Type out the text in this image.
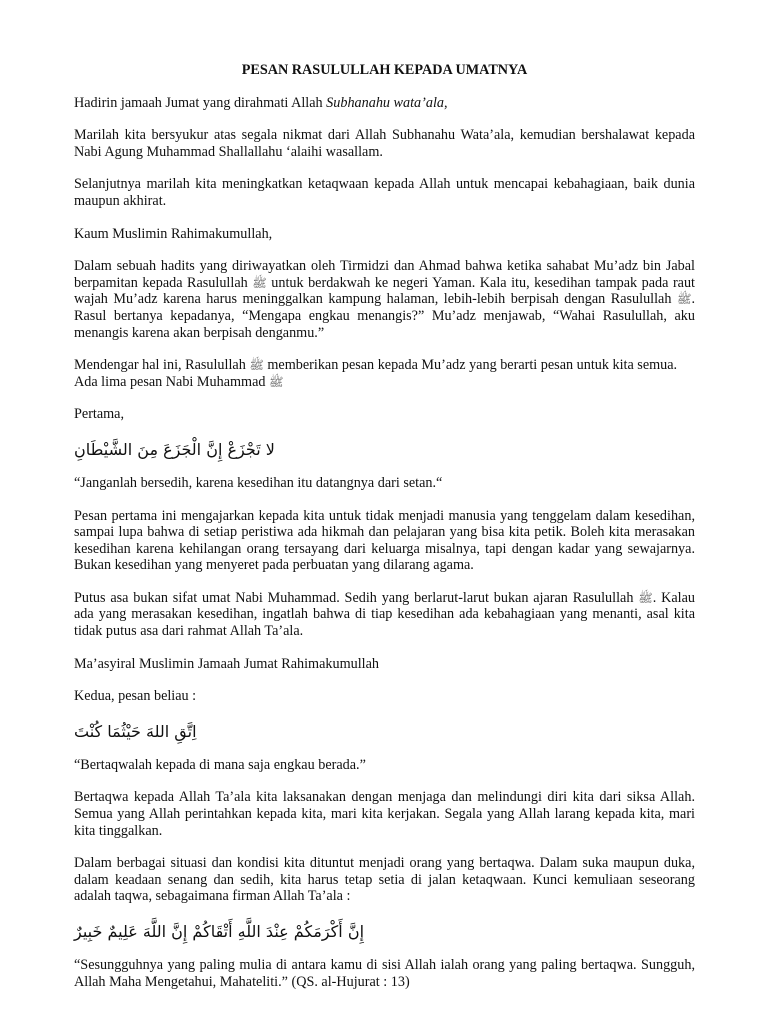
PESAN RASULULLAH KEPADA UMATNYA

Hadirin jamaah Jumat yang dirahmati Allah Subhanahu wata’ala,

Marilah kita bersyukur atas segala nikmat dari Allah Subhanahu Wata’ala, kemudian bershalawat kepada Nabi Agung Muhammad Shallallahu ‘alaihi wasallam.

Selanjutnya marilah kita meningkatkan ketaqwaan kepada Allah untuk mencapai kebahagiaan, baik dunia maupun akhirat.

Kaum Muslimin Rahimakumullah,

Dalam sebuah hadits yang diriwayatkan oleh Tirmidzi dan Ahmad bahwa ketika sahabat Mu’adz bin Jabal berpamitan kepada Rasulullah ﷺ untuk berdakwah ke negeri Yaman. Kala itu, kesedihan tampak pada raut wajah Mu’adz karena harus meninggalkan kampung halaman, lebih-lebih berpisah dengan Rasulullah ﷺ. Rasul bertanya kepadanya, “Mengapa engkau menangis?” Mu’adz menjawab, “Wahai Rasulullah, aku menangis karena akan berpisah denganmu.”

Mendengar hal ini, Rasulullah ﷺ memberikan pesan kepada Mu’adz yang berarti pesan untuk kita semua. Ada lima pesan Nabi Muhammad ﷺ

Pertama,

لا تَجْزَعْ إِنَّ الْجَزَعَ مِنَ الشَّيْطَانِ

“Janganlah bersedih, karena kesedihan itu datangnya dari setan.“

Pesan pertama ini mengajarkan kepada kita untuk tidak menjadi manusia yang tenggelam dalam kesedihan, sampai lupa bahwa di setiap peristiwa ada hikmah dan pelajaran yang bisa kita petik. Boleh kita merasakan kesedihan karena kehilangan orang tersayang dari keluarga misalnya, tapi dengan kadar yang sewajarnya. Bukan kesedihan yang menyeret pada perbuatan yang dilarang agama.

Putus asa bukan sifat umat Nabi Muhammad. Sedih yang berlarut-larut bukan ajaran Rasulullah ﷺ. Kalau ada yang merasakan kesedihan, ingatlah bahwa di tiap kesedihan ada kebahagiaan yang menanti, asal kita tidak putus asa dari rahmat Allah Ta’ala.

Ma’asyiral Muslimin Jamaah Jumat Rahimakumullah

Kedua, pesan beliau :

اِتَّقِ اللهَ حَيْثُمَا كُنْتَ

“Bertaqwalah kepada di mana saja engkau berada.”

Bertaqwa kepada Allah Ta’ala kita laksanakan dengan menjaga dan melindungi diri kita dari siksa Allah. Semua yang Allah perintahkan kepada kita, mari kita kerjakan. Segala yang Allah larang kepada kita, mari kita tinggalkan.

Dalam berbagai situasi dan kondisi kita dituntut menjadi orang yang bertaqwa. Dalam suka maupun duka, dalam keadaan senang dan sedih, kita harus tetap setia di jalan ketaqwaan. Kunci kemuliaan seseorang adalah taqwa, sebagaimana firman Allah Ta’ala :

إِنَّ أَكْرَمَكُمْ عِنْدَ اللَّهِ أَتْقَاكُمْ إِنَّ اللَّهَ عَلِيمٌ خَبِيرٌ

“Sesungguhnya yang paling mulia di antara kamu di sisi Allah ialah orang yang paling bertaqwa. Sungguh, Allah Maha Mengetahui, Mahateliti.” (QS. al-Hujurat : 13)
